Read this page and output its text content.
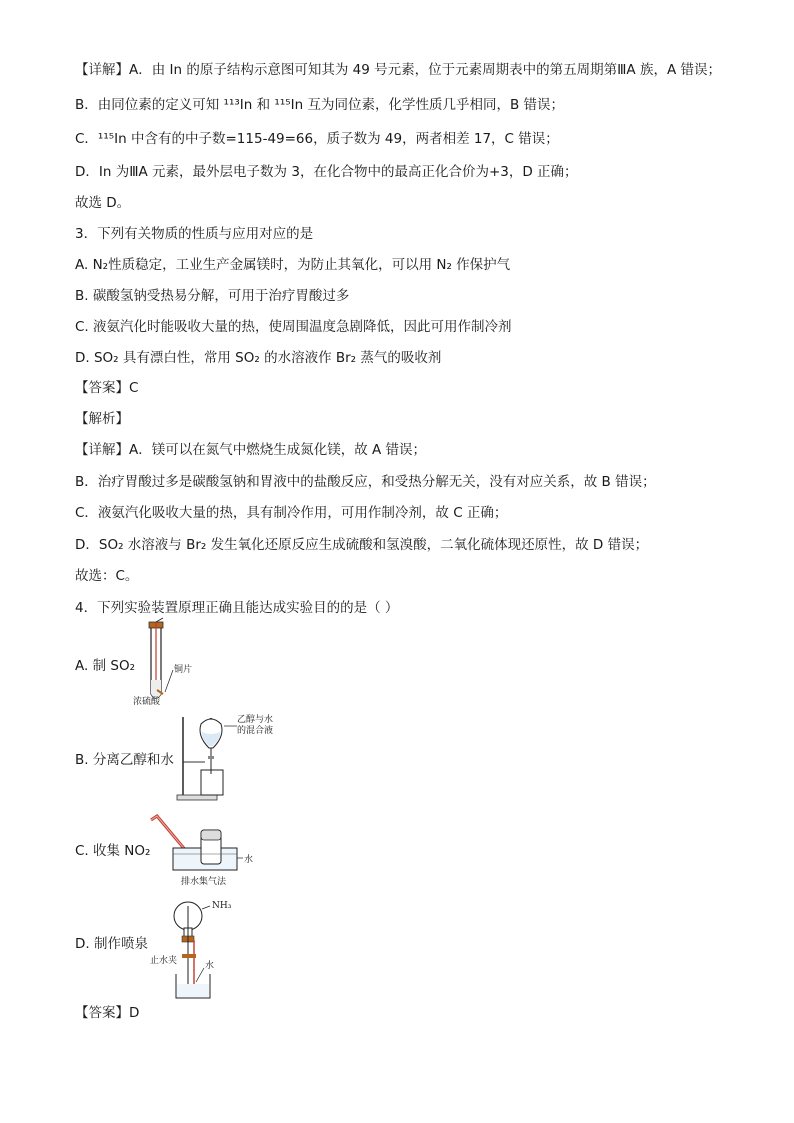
【详解】A．由 In 的原子结构示意图可知其为 49 号元素，位于元素周期表中的第五周期第ⅢA 族，A 错误；
B．由同位素的定义可知 ¹¹³In 和 ¹¹⁵In 互为同位素，化学性质几乎相同，B 错误；
C．¹¹⁵In 中含有的中子数=115-49=66，质子数为 49，两者相差 17，C 错误；
D．In 为ⅢA 元素，最外层电子数为 3，在化合物中的最高正化合价为+3，D 正确；
故选 D。
3．下列有关物质的性质与应用对应的是
A. N₂性质稳定，工业生产金属镁时，为防止其氧化，可以用 N₂ 作保护气
B. 碳酸氢钠受热易分解，可用于治疗胃酸过多
C. 液氨汽化时能吸收大量的热，使周围温度急剧降低，因此可用作制冷剂
D. SO₂ 具有漂白性，常用 SO₂ 的水溶液作 Br₂ 蒸气的吸收剂
【答案】C
【解析】
【详解】A．镁可以在氮气中燃烧生成氮化镁，故 A 错误；
B．治疗胃酸过多是碳酸氢钠和胃液中的盐酸反应，和受热分解无关，没有对应关系，故 B 错误；
C．液氨汽化吸收大量的热，具有制冷作用，可用作制冷剂，故 C 正确；
D．SO₂ 水溶液与 Br₂ 发生氧化还原反应生成硫酸和氢溴酸，二氧化硫体现还原性，故 D 错误；
故选：C。
4．下列实验装置原理正确且能达成实验目的的是（ ）
A. 制 SO₂	铜片
浓硫酸
B. 分离乙醇和水
乙醇与水
的混合液
C. 收集 NO₂
水
排水集气法
D. 制作喷泉
NH₃
止水夹	水
【答案】D
